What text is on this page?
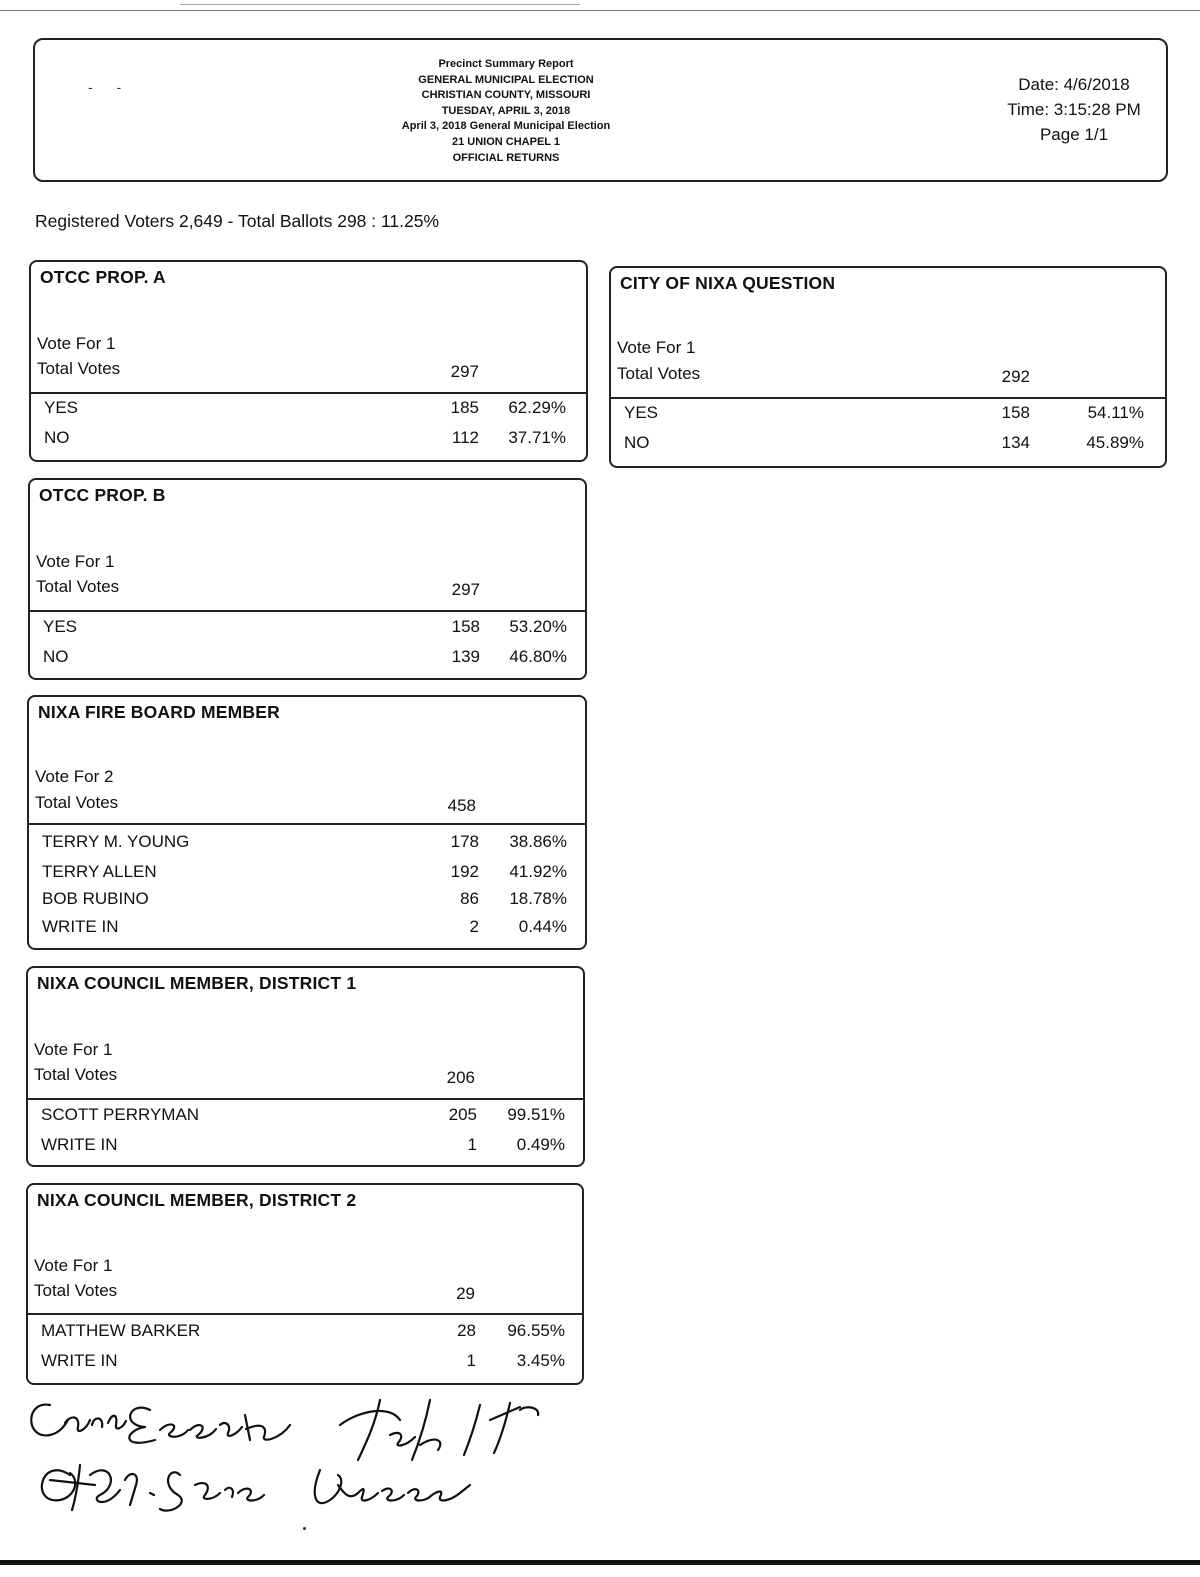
- -
Precinct Summary Report
GENERAL MUNICIPAL ELECTION
CHRISTIAN COUNTY, MISSOURI
TUESDAY, APRIL 3, 2018
April 3, 2018 General Municipal Election
21 UNION CHAPEL 1
OFFICIAL RETURNS
Date: 4/6/2018
Time: 3:15:28 PM
Page 1/1
Registered Voters 2,649 - Total Ballots 298 : 11.25%
OTCC PROP. A
Vote For 1
Total Votes	297
YES	185	62.29%
NO	112	37.71%
OTCC PROP. B
Vote For 1
Total Votes	297
YES	158	53.20%
NO	139	46.80%
NIXA FIRE BOARD MEMBER
Vote For 2
Total Votes	458
TERRY M. YOUNG	178	38.86%
TERRY ALLEN	192	41.92%
BOB RUBINO	86	18.78%
WRITE IN	2	0.44%
NIXA COUNCIL MEMBER, DISTRICT 1
Vote For 1
Total Votes	206
SCOTT PERRYMAN	205	99.51%
WRITE IN	1	0.49%
NIXA COUNCIL MEMBER, DISTRICT 2
Vote For 1
Total Votes	29
MATTHEW BARKER	28	96.55%
WRITE IN	1	3.45%
CITY OF NIXA QUESTION
Vote For 1
Total Votes	292
YES	158	54.11%
NO	134	45.89%
